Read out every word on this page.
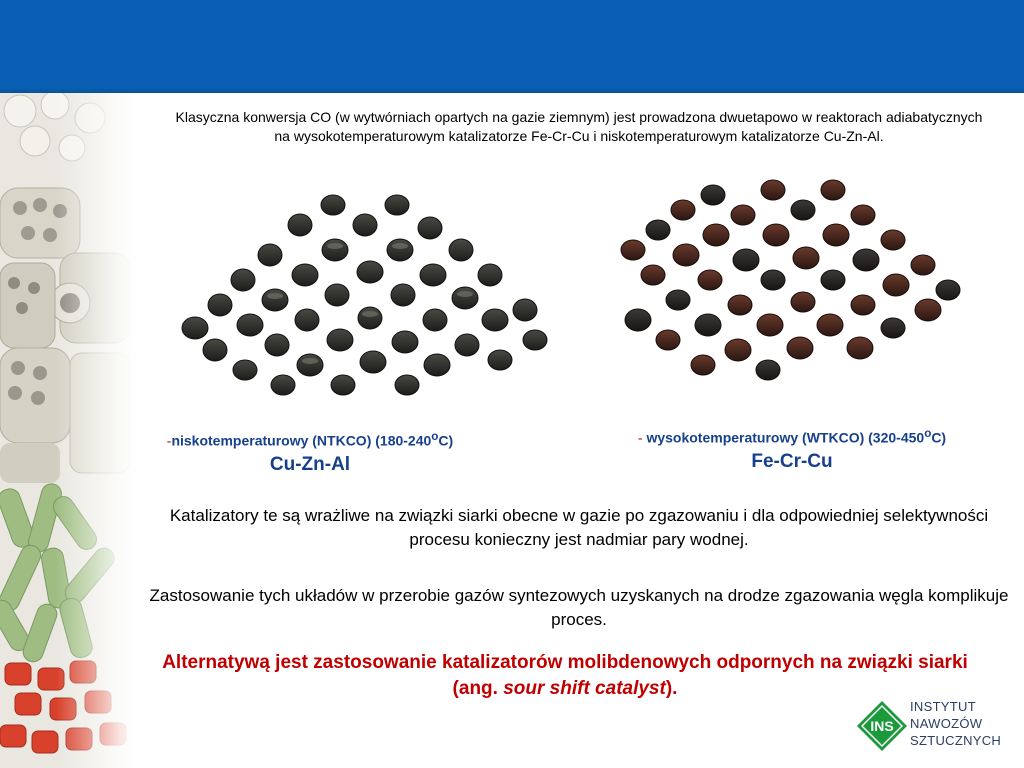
Klasyczna konwersja CO (w wytwórniach opartych na gazie ziemnym) jest prowadzona dwuetapowo w reaktorach adiabatycznych na wysokotemperaturowym katalizatorze Fe-Cr-Cu i niskotemperaturowym katalizatorze Cu-Zn-Al.
-niskotemperaturowy (NTKCO) (180-240$^o$C)
Cu-Zn-Al
- wysokotemperaturowy (WTKCO) (320-450$^o$C)
Fe-Cr-Cu
Katalizatory te są wrażliwe na związki siarki obecne w gazie po zgazowaniu i dla odpowiedniej selektywności procesu konieczny jest nadmiar pary wodnej.
Zastosowanie tych układów w przerobie gazów syntezowych uzyskanych na drodze zgazowania węgla komplikuje proces.
Alternatywą jest zastosowanie katalizatorów molibdenowych odpornych na związki siarki (ang. sour shift catalyst).
INS
INSTYTUT
NAWOZÓW
SZTUCZNYCH
